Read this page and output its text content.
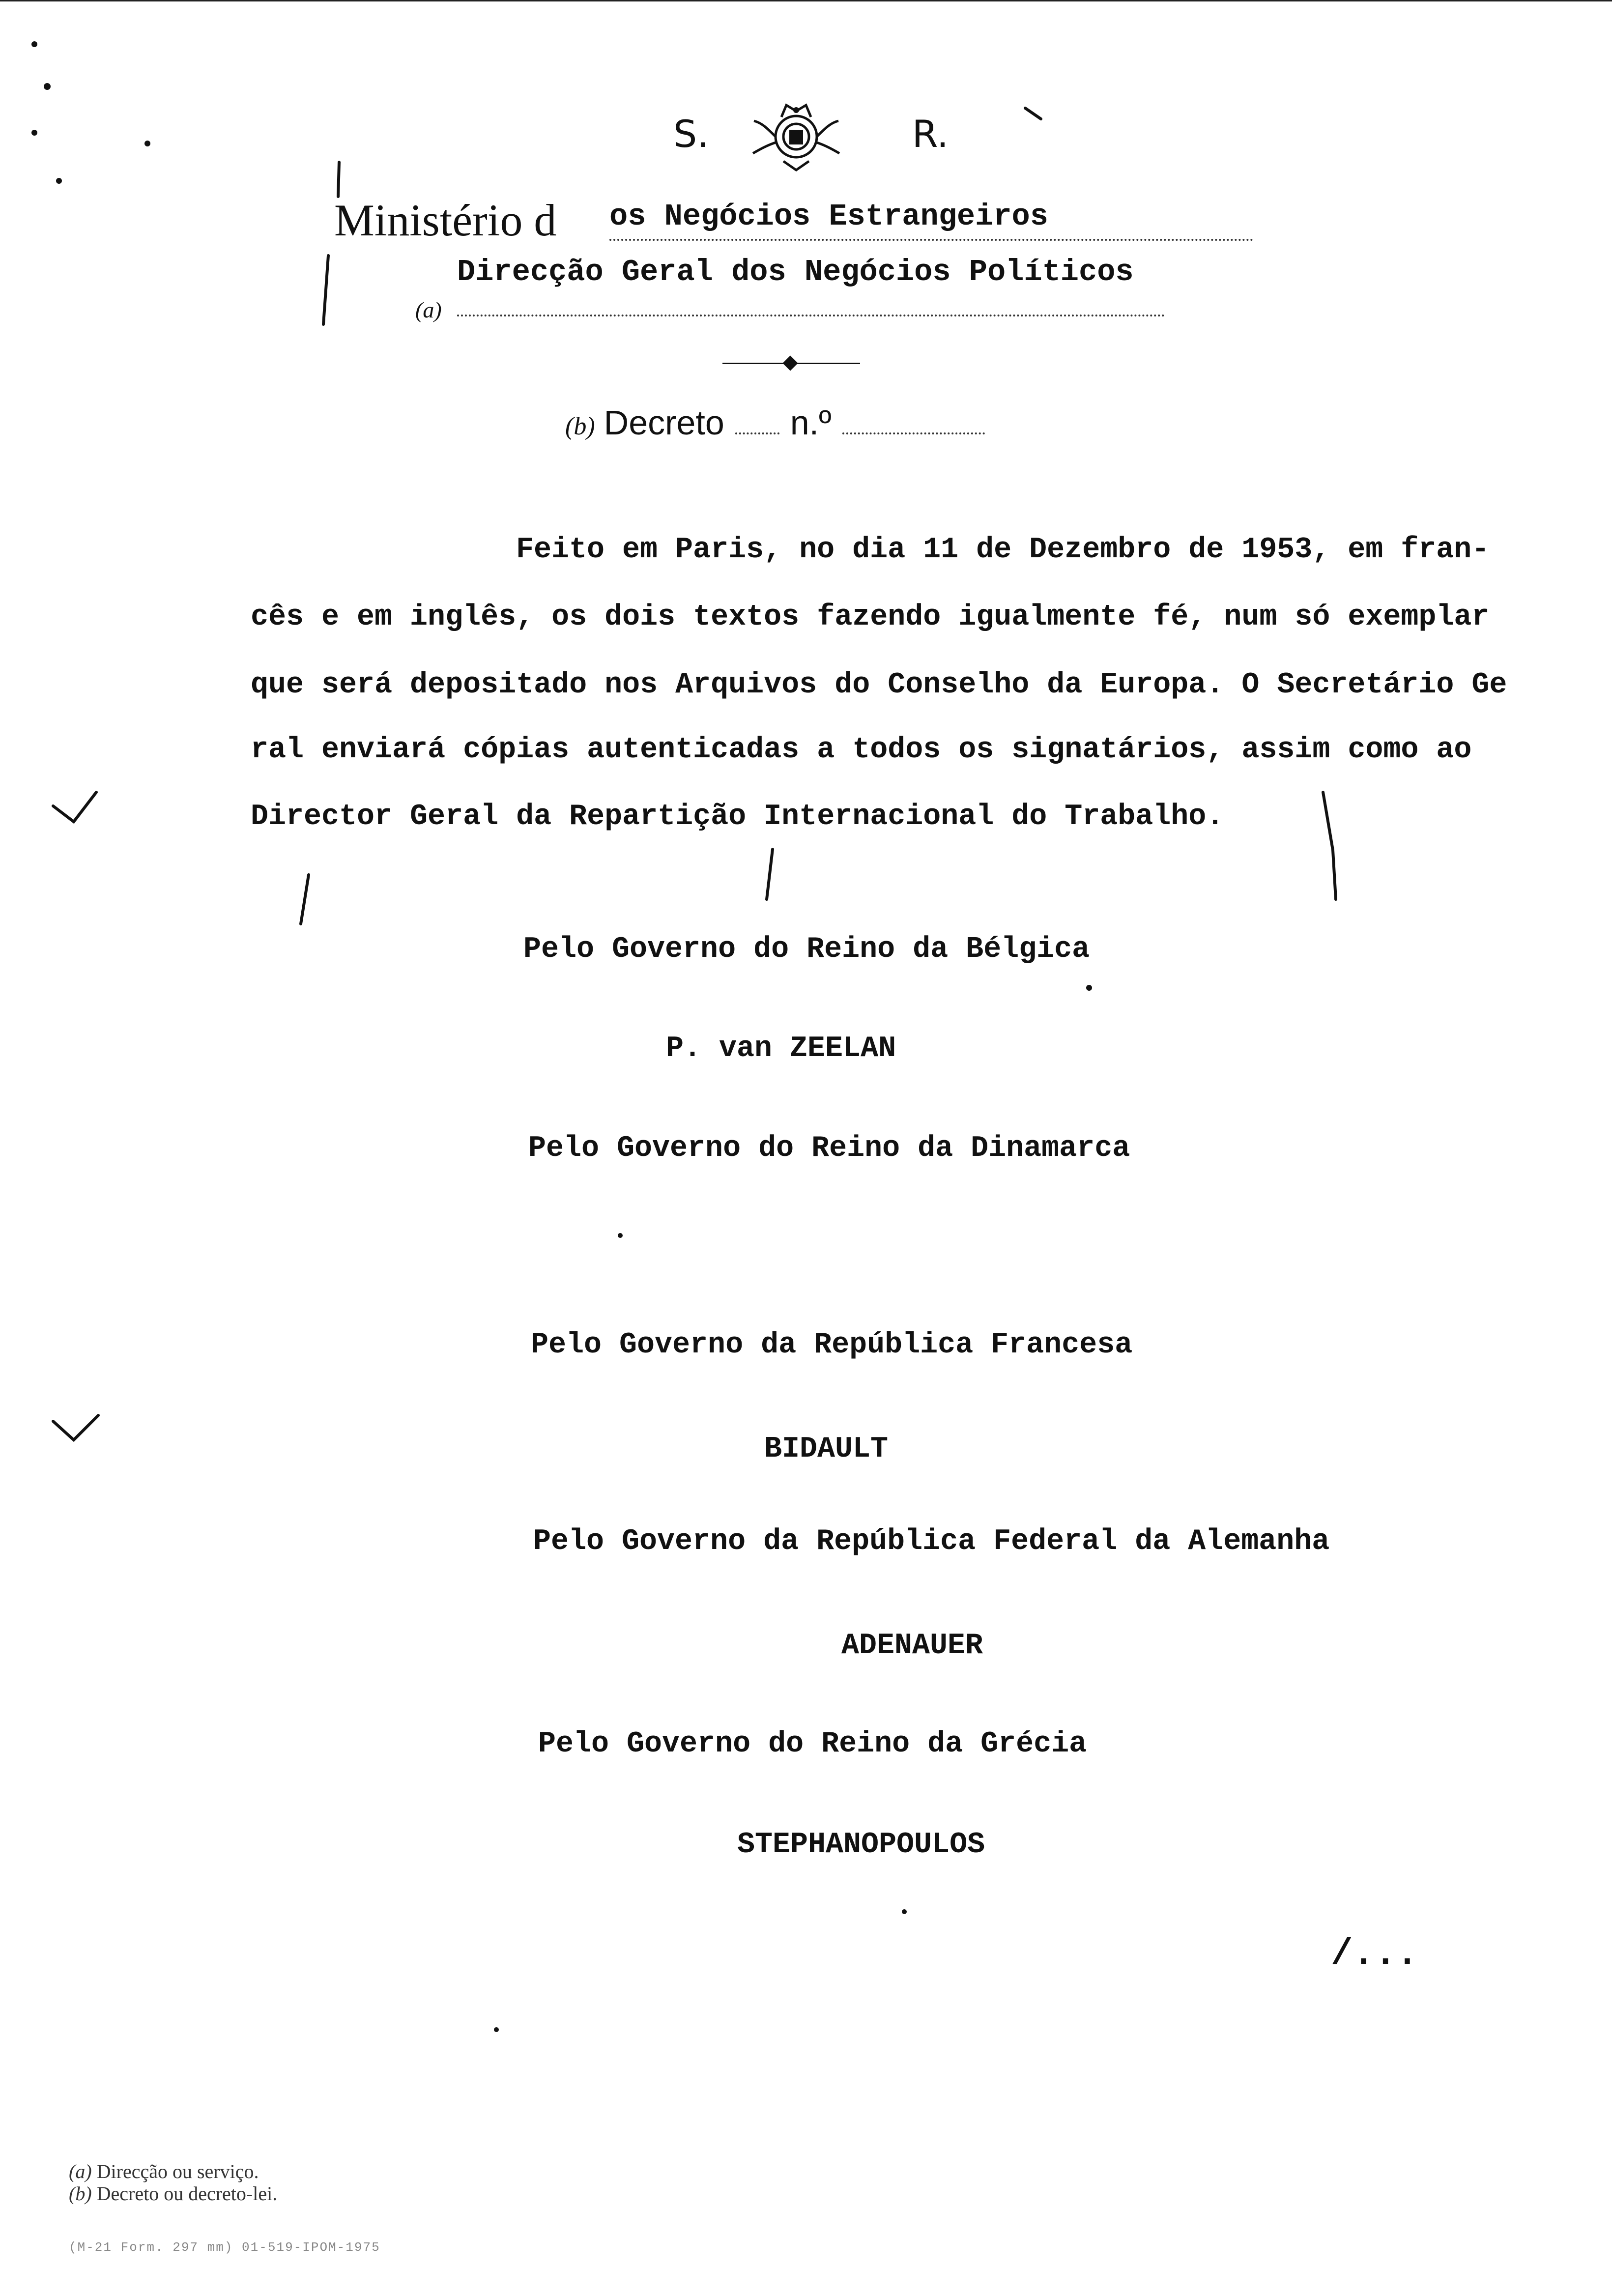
S.	R.
Ministério d os Negócios Estrangeiros
Direcção Geral dos Negócios Políticos
(a)
(b) Decreto n.º
Feito em Paris, no dia 11 de Dezembro de 1953, em fran-
cês e em inglês, os dois textos fazendo igualmente fé, num só exemplar
que será depositado nos Arquivos do Conselho da Europa. O Secretário Ge
ral enviará cópias autenticadas a todos os signatários, assim como ao
Director Geral da Repartição Internacional do Trabalho.
Pelo Governo do Reino da Bélgica
P. van ZEELAN
Pelo Governo do Reino da Dinamarca
Pelo Governo da República Francesa
BIDAULT
Pelo Governo da República Federal da Alemanha
ADENAUER
Pelo Governo do Reino da Grécia
STEPHANOPOULOS
/...
(a) Direcção ou serviço.
(b) Decreto ou decreto-lei.
(M-21 Form. 297 mm) 01-519-IPOM-1975
